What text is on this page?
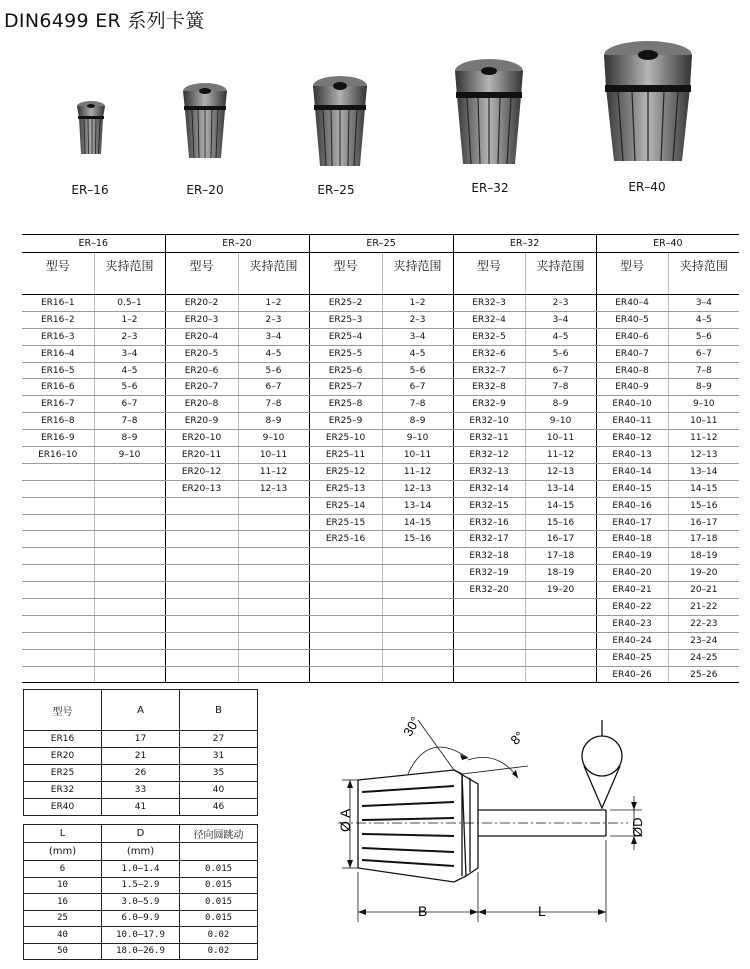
DIN6499 ER 系列卡簧
ER–16	ER–20	ER–25	ER–32	ER–40
ER–16		ER–20		ER–25		ER–32		ER–40	
型号	夹持范围	型号	夹持范围	型号	夹持范围	型号	夹持范围	型号	夹持范围
ER16–1	0.5–1	ER20–2	1–2	ER25–2	1–2	ER32–3	2–3	ER40–4	3–4
ER16–2	1–2	ER20–3	2–3	ER25–3	2–3	ER32–4	3–4	ER40–5	4–5
ER16–3	2–3	ER20–4	3–4	ER25–4	3–4	ER32–5	4–5	ER40–6	5–6
ER16–4	3–4	ER20–5	4–5	ER25–5	4–5	ER32–6	5–6	ER40–7	6–7
ER16–5	4–5	ER20–6	5–6	ER25–6	5–6	ER32–7	6–7	ER40–8	7–8
ER16–6	5–6	ER20–7	6–7	ER25–7	6–7	ER32–8	7–8	ER40–9	8–9
ER16–7	6–7	ER20–8	7–8	ER25–8	7–8	ER32–9	8–9	ER40–10	9–10
ER16–8	7–8	ER20–9	8–9	ER25–9	8–9	ER32–10	9–10	ER40–11	10–11
ER16–9	8–9	ER20–10	9–10	ER25–10	9–10	ER32–11	10–11	ER40–12	11–12
ER16–10	9–10	ER20–11	10–11	ER25–11	10–11	ER32–12	11–12	ER40–13	12–13
		ER20–12	11–12	ER25–12	11–12	ER32–13	12–13	ER40–14	13–14
		ER20–13	12–13	ER25–13	12–13	ER32–14	13–14	ER40–15	14–15
				ER25–14	13–14	ER32–15	14–15	ER40–16	15–16
				ER25–15	14–15	ER32–16	15–16	ER40–17	16–17
				ER25–16	15–16	ER32–17	16–17	ER40–18	17–18
						ER32–18	17–18	ER40–19	18–19
						ER32–19	18–19	ER40–20	19–20
						ER32–20	19–20	ER40–21	20–21
								ER40–22	21–22
								ER40–23	22–23
								ER40–24	23–24
								ER40–25	24–25
								ER40–26	25–26
型号	A	B
ER16	17	27
ER20	21	31
ER25	26	35
ER32	33	40
ER40	41	46
L	D	径向圆跳动
(mm)	(mm)	
6	1.0–1.4	0.015
10	1.5–2.9	0.015
16	3.0–5.9	0.015
25	6.0–9.9	0.015
40	10.0–17.9	0.02
50	18.0–26.9	0.02
30°	8°
Ø A	ØD
B	L
